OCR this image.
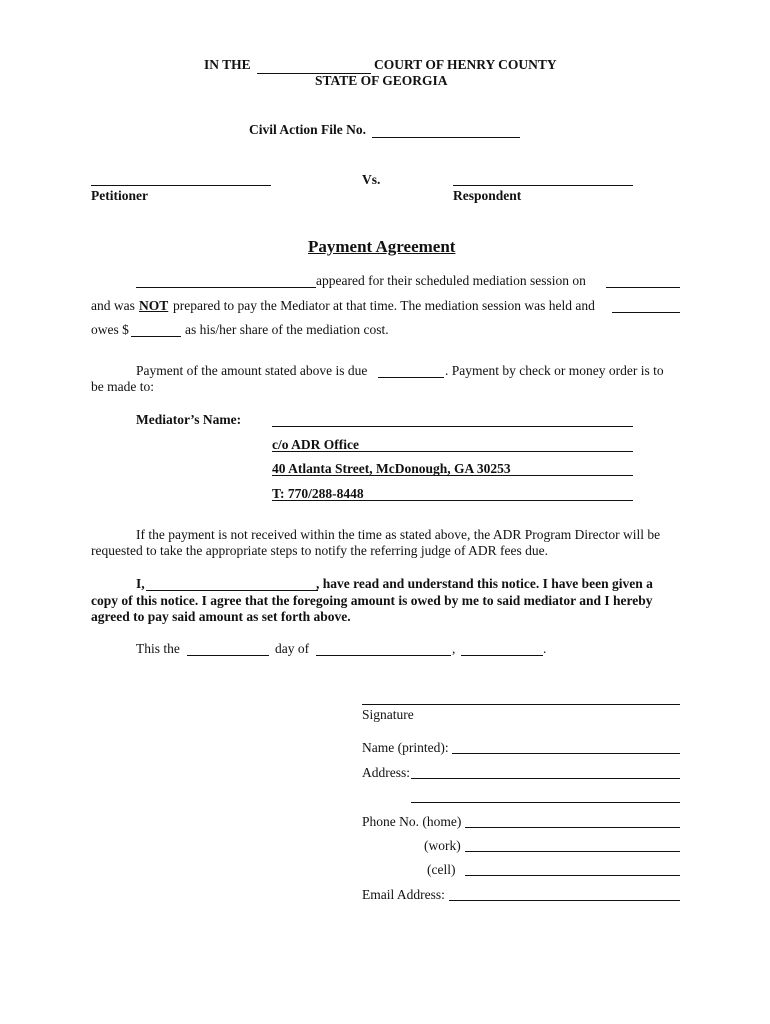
IN THE	COURT OF HENRY COUNTY
STATE OF GEORGIA
Civil Action File No.
Vs.
Petitioner	Respondent
Payment Agreement
appeared for their scheduled mediation session on
and was NOT prepared to pay the Mediator at that time. The mediation session was held and
owes $	as his/her share of the mediation cost.
Payment of the amount stated above is due	. Payment by check or money order is to
be made to:
Mediator’s Name:
c/o ADR Office
40 Atlanta Street, McDonough, GA 30253
T: 770/288-8448
If the payment is not received within the time as stated above, the ADR Program Director will be
requested to take the appropriate steps to notify the referring judge of ADR fees due.
I,	, have read and understand this notice. I have been given a
copy of this notice. I agree that the foregoing amount is owed by me to said mediator and I hereby
agreed to pay said amount as set forth above.
This the	day of	,	.
Signature
Name (printed):
Address:
Phone No. (home)
(work)
(cell)
Email Address:
